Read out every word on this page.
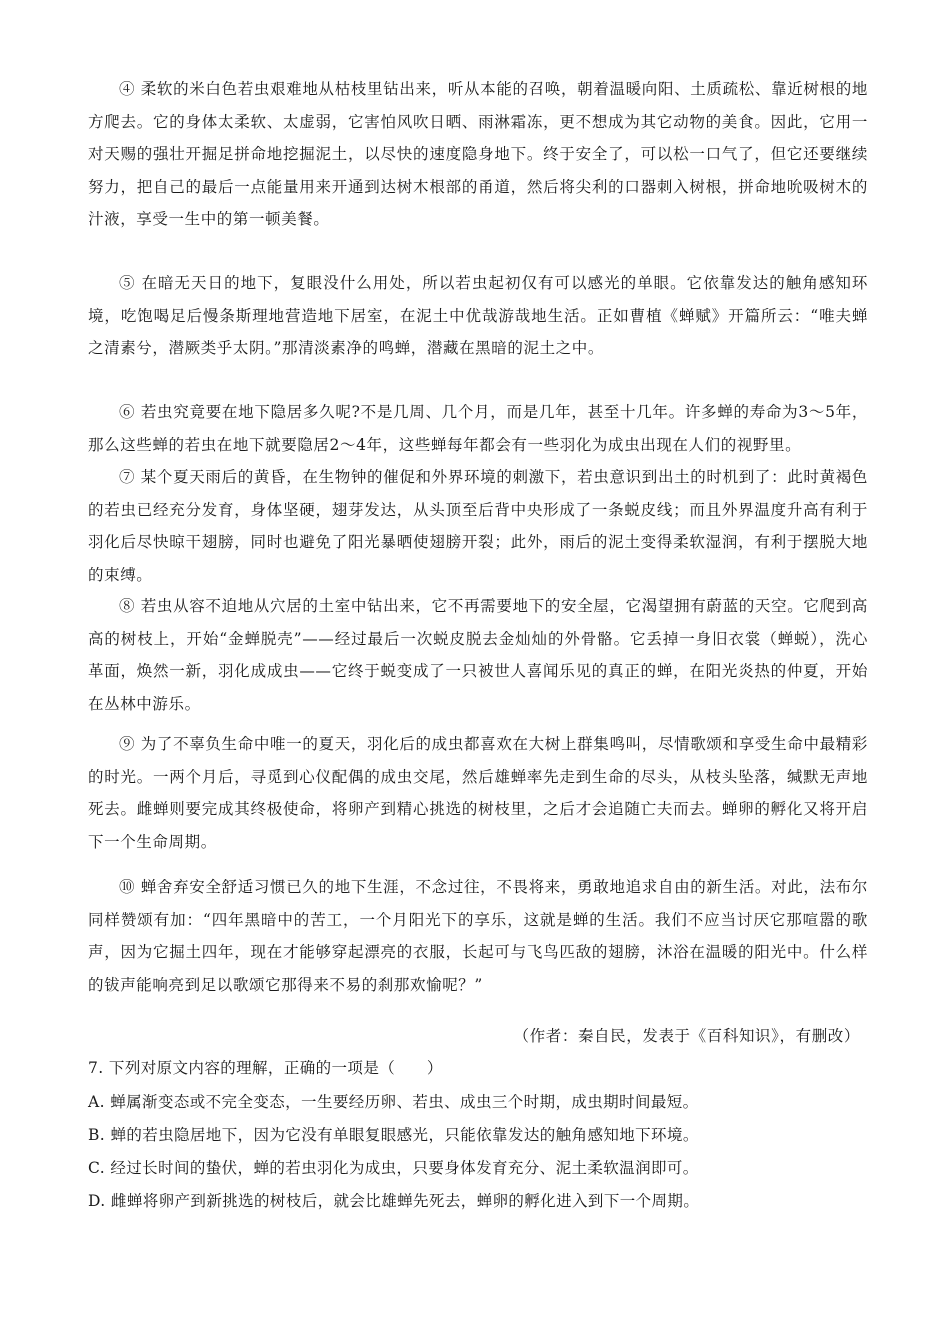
④ 柔软的米白色若虫艰难地从枯枝里钻出来，听从本能的召唤，朝着温暖向阳、土质疏松、靠近树根的地方爬去。它的身体太柔软、太虚弱，它害怕风吹日晒、雨淋霜冻，更不想成为其它动物的美食。因此，它用一对天赐的强壮开掘足拼命地挖掘泥土，以尽快的速度隐身地下。终于安全了，可以松一口气了，但它还要继续努力，把自己的最后一点能量用来开通到达树木根部的甬道，然后将尖利的口器刺入树根，拼命地吮吸树木的汁液，享受一生中的第一顿美餐。

⑤ 在暗无天日的地下，复眼没什么用处，所以若虫起初仅有可以感光的单眼。它依靠发达的触角感知环境，吃饱喝足后慢条斯理地营造地下居室，在泥土中优哉游哉地生活。正如曹植《蝉赋》开篇所云：“唯夫蝉之清素兮，潜厥类乎太阴。”那清淡素净的鸣蝉，潜藏在黑暗的泥土之中。

⑥ 若虫究竟要在地下隐居多久呢?不是几周、几个月，而是几年，甚至十几年。许多蝉的寿命为3～5年，那么这些蝉的若虫在地下就要隐居2～4年，这些蝉每年都会有一些羽化为成虫出现在人们的视野里。

⑦ 某个夏天雨后的黄昏，在生物钟的催促和外界环境的刺激下，若虫意识到出土的时机到了：此时黄褐色的若虫已经充分发育，身体坚硬，翅芽发达，从头顶至后背中央形成了一条蜕皮线；而且外界温度升高有利于羽化后尽快晾干翅膀，同时也避免了阳光暴晒使翅膀开裂；此外，雨后的泥土变得柔软湿润，有利于摆脱大地的束缚。

⑧ 若虫从容不迫地从穴居的土室中钻出来，它不再需要地下的安全屋，它渴望拥有蔚蓝的天空。它爬到高高的树枝上，开始“金蝉脱壳”——经过最后一次蜕皮脱去金灿灿的外骨骼。它丢掉一身旧衣裳（蝉蜕），洗心革面，焕然一新，羽化成成虫——它终于蜕变成了一只被世人喜闻乐见的真正的蝉，在阳光炎热的仲夏，开始在丛林中游乐。

⑨ 为了不辜负生命中唯一的夏天，羽化后的成虫都喜欢在大树上群集鸣叫，尽情歌颂和享受生命中最精彩的时光。一两个月后，寻觅到心仪配偶的成虫交尾，然后雄蝉率先走到生命的尽头，从枝头坠落，缄默无声地死去。雌蝉则要完成其终极使命，将卵产到精心挑选的树枝里，之后才会追随亡夫而去。蝉卵的孵化又将开启下一个生命周期。

⑩ 蝉舍弃安全舒适习惯已久的地下生涯，不念过往，不畏将来，勇敢地追求自由的新生活。对此，法布尔同样赞颂有加：“四年黑暗中的苦工，一个月阳光下的享乐，这就是蝉的生活。我们不应当讨厌它那喧嚣的歌声，因为它掘土四年，现在才能够穿起漂亮的衣服，长起可与飞鸟匹敌的翅膀，沐浴在温暖的阳光中。什么样的钹声能响亮到足以歌颂它那得来不易的刹那欢愉呢？”

（作者：秦自民，发表于《百科知识》，有删改）

7. 下列对原文内容的理解，正确的一项是（　　）

A. 蝉属渐变态或不完全变态，一生要经历卵、若虫、成虫三个时期，成虫期时间最短。

B. 蝉的若虫隐居地下，因为它没有单眼复眼感光，只能依靠发达的触角感知地下环境。

C. 经过长时间的蛰伏，蝉的若虫羽化为成虫，只要身体发育充分、泥土柔软温润即可。

D. 雌蝉将卵产到新挑选的树枝后，就会比雄蝉先死去，蝉卵的孵化进入到下一个周期。
